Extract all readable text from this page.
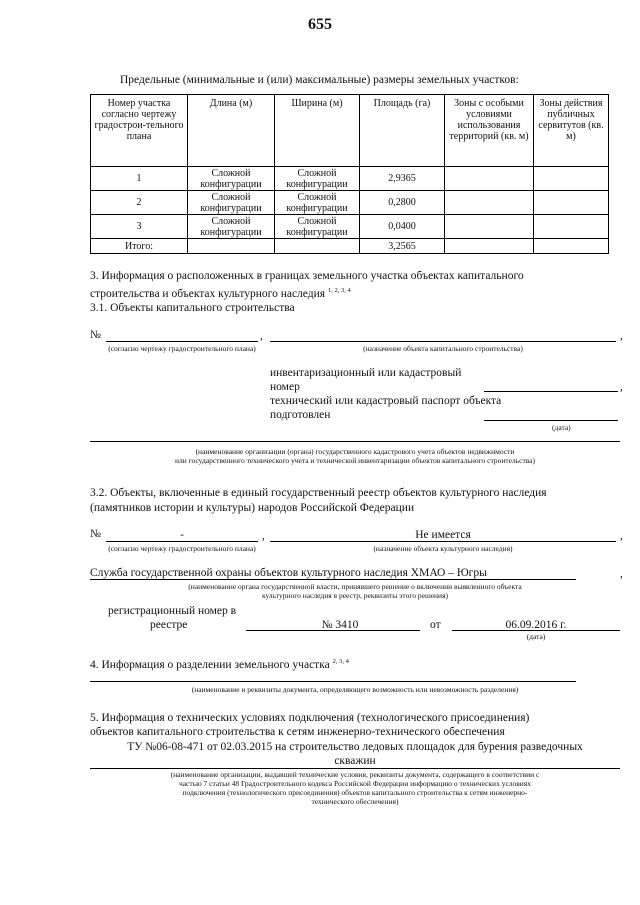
655
Предельные (минимальные и (или) максимальные) размеры земельных участков:
Номер участка согласно чертежу градострои-тельного плана	Длина (м)	Ширина (м)	Площадь (га)	Зоны с особыми условиями использования территорий (кв. м)	Зоны действия публичных сервитутов (кв. м)
1	Сложной конфигурации	Сложной конфигурации	2,9365		
2	Сложной конфигурации	Сложной конфигурации	0,2800		
3	Сложной конфигурации	Сложной конфигурации	0,0400		
Итого:			3,2565		
3. Информация о расположенных в границах земельного участка объектах капитального
строительства и объектах культурного наследия $^{1, 2, 3, 4}$
3.1. Объекты капитального строительства
№	,	,
(согласно чертежу градостроительного плана)	(назначение объекта капитального строительства)
инвентаризационный или кадастровый
номер	,
технический или кадастровый паспорт объекта
подготовлен
(дата)
(наименование организации (органа) государственного кадастрового учета объектов недвижимости
или государственного технического учета и технической инвентаризации объектов капитального строительства)
3.2. Объекты, включенные в единый государственный реестр объектов культурного наследия
(памятников истории и культуры) народов Российской Федерации
№	-	,	Не имеется	,
(согласно чертежу градостроительного плана)	(назначение объекта культурного наследия)
Служба государственной охраны объектов культурного наследия ХМАО – Югры	,
(наименование органа государственной власти, принявшего решение о включении выявленного объекта
культурного наследия в реестр, реквизиты этого решения)
регистрационный номер в
реестре	№ 3410	от	06.09.2016 г.
(дата)
4. Информация о разделении земельного участка $^{2, 3, 4}$
(наименование и реквизиты документа, определяющего возможность или невозможность разделения)
5. Информация о технических условиях подключения (технологического присоединения)
объектов капитального строительства к сетям инженерно-технического обеспечения
ТУ №06-08-471 от 02.03.2015 на строительство ледовых площадок для бурения разведочных
скважин
(наименование организации, выдавшей технические условия, реквизиты документа, содержащего в соответствии с
частью 7 статьи 48 Градостроительного кодекса Российской Федерации информацию о технических условиях
подключения (технологического присоединения) объектов капитального строительства к сетям инженерно-
технического обеспечения)
